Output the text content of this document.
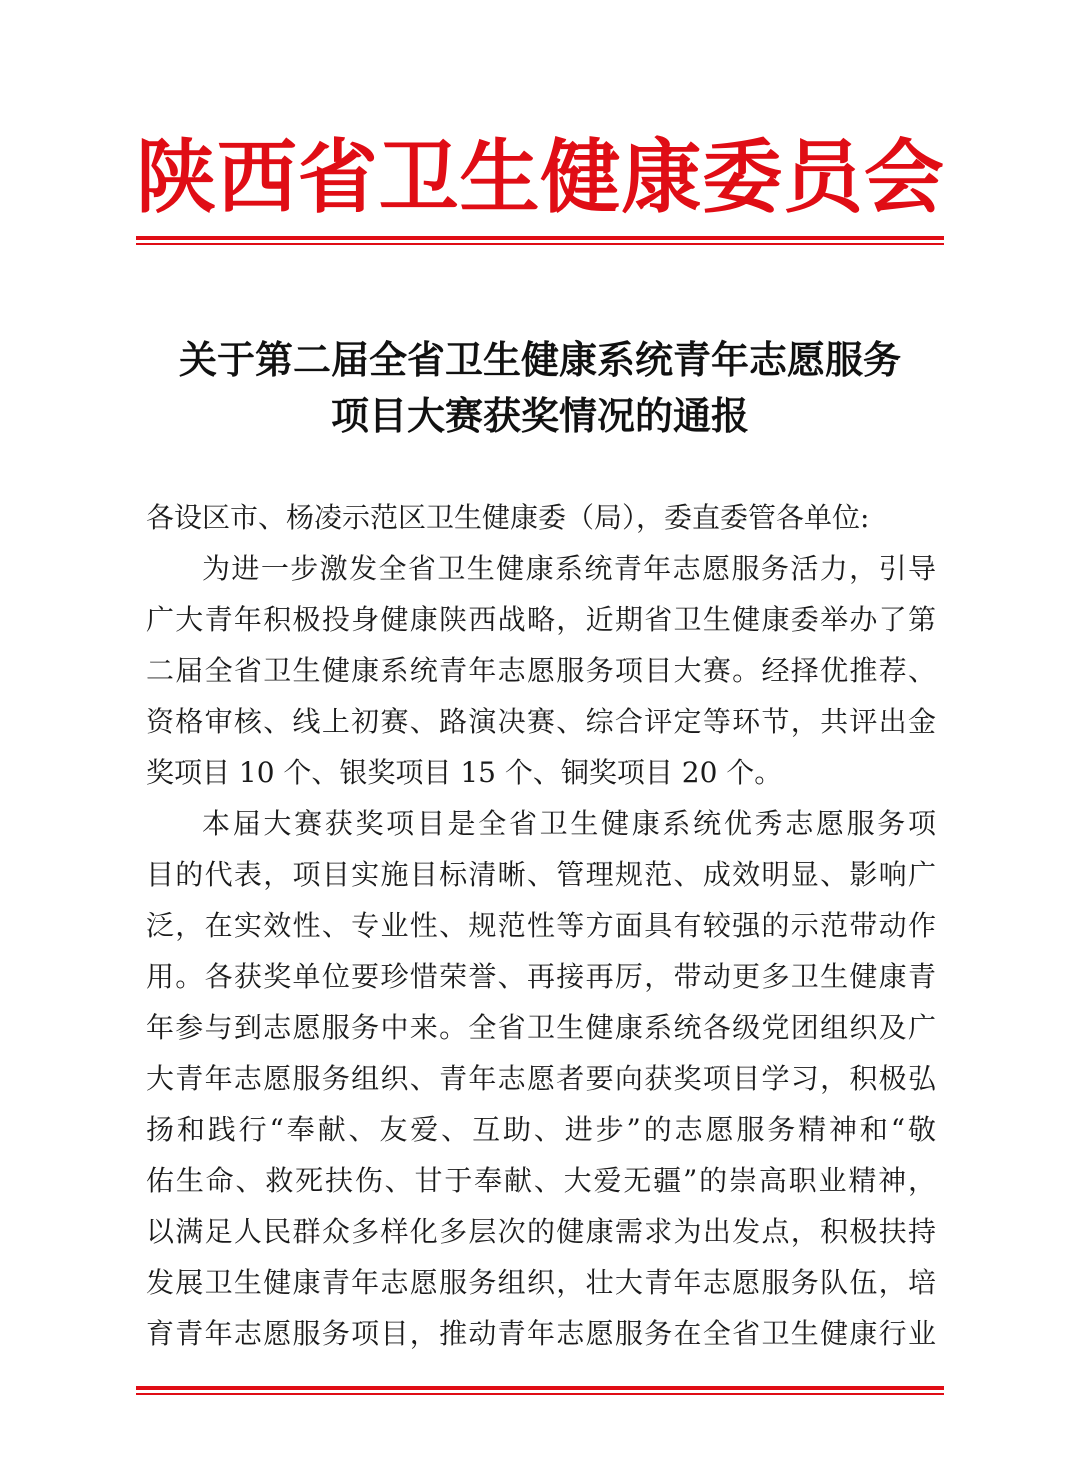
陕 西 省 卫 生 健 康 委 员 会
关于第二届全省卫生健康系统青年志愿服务
项目大赛获奖情况的通报
各设区市、杨凌示范区卫生健康委（局），委直委管各单位:
为进一步激发全省卫生健康系统青年志愿服务活力，引导
广大青年积极投身健康陕西战略，近期省卫生健康委举办了第
二届全省卫生健康系统青年志愿服务项目大赛。经择优推荐、
资格审核、线上初赛、路演决赛、综合评定等环节，共评出金
奖项目 10 个、银奖项目 15 个、铜奖项目 20 个。
本届大赛获奖项目是全省卫生健康系统优秀志愿服务项
目的代表，项目实施目标清晰、管理规范、成效明显、影响广
泛，在实效性、专业性、规范性等方面具有较强的示范带动作
用。各获奖单位要珍惜荣誉、再接再厉，带动更多卫生健康青
年参与到志愿服务中来。全省卫生健康系统各级党团组织及广
大青年志愿服务组织、青年志愿者要向获奖项目学习，积极弘
扬和践行“奉献、友爱、互助、进步”的志愿服务精神和“敬
佑生命、救死扶伤、甘于奉献、大爱无疆”的崇高职业精神，
以满足人民群众多样化多层次的健康需求为出发点，积极扶持
发展卫生健康青年志愿服务组织，壮大青年志愿服务队伍，培
育青年志愿服务项目，推动青年志愿服务在全省卫生健康行业
